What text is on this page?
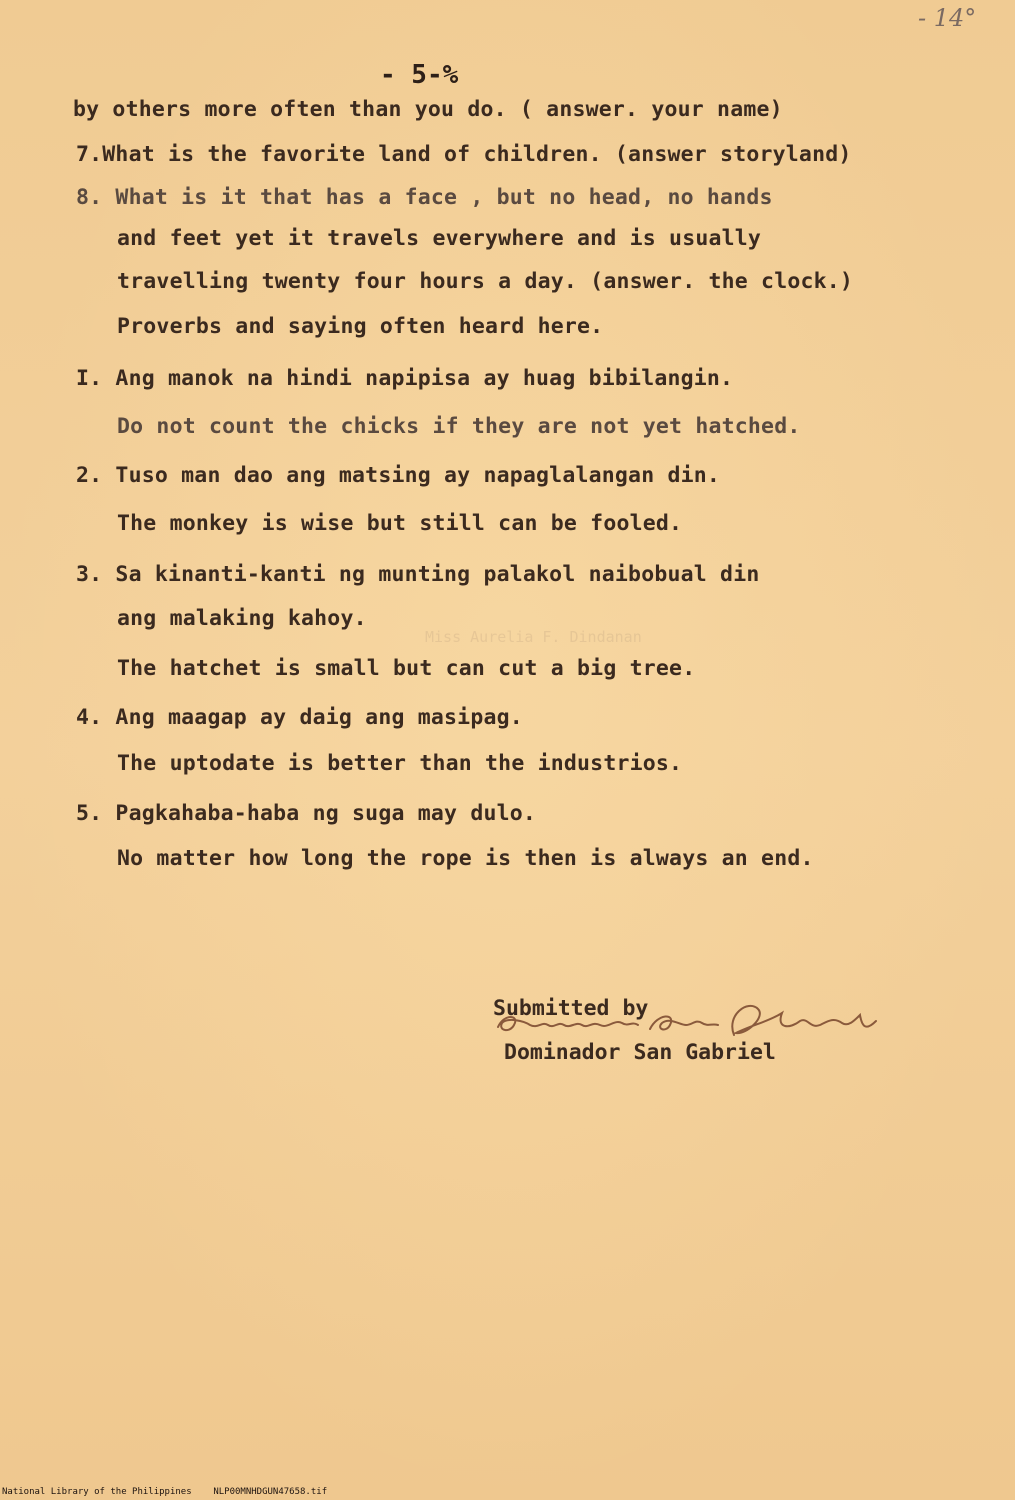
- 14°
- 5-%
by others more often than you do. ( answer. your name)
7.What is the favorite land of children. (answer storyland)
8. What is it that has a face , but no head, no hands
and feet yet it travels everywhere and is usually
travelling twenty four hours a day. (answer. the clock.)
Proverbs and saying often heard here.
I. Ang manok na hindi napipisa ay huag bibilangin.
Do not count the chicks if they are not yet hatched.
2. Tuso man dao ang matsing ay napaglalangan din.
The monkey is wise but still can be fooled.
3. Sa kinanti-kanti ng munting palakol naibobual din
ang malaking kahoy.
Miss Aurelia F. Dindanan
The hatchet is small but can cut a big tree.
4. Ang maagap ay daig ang masipag.
The uptodate is better than the industrios.
5. Pagkahaba-haba ng suga may dulo.
No matter how long the rope is then is always an end.
Submitted by
Dominador San Gabriel
National Library of the Philippines    NLP00MNHDGUN47658.tif
